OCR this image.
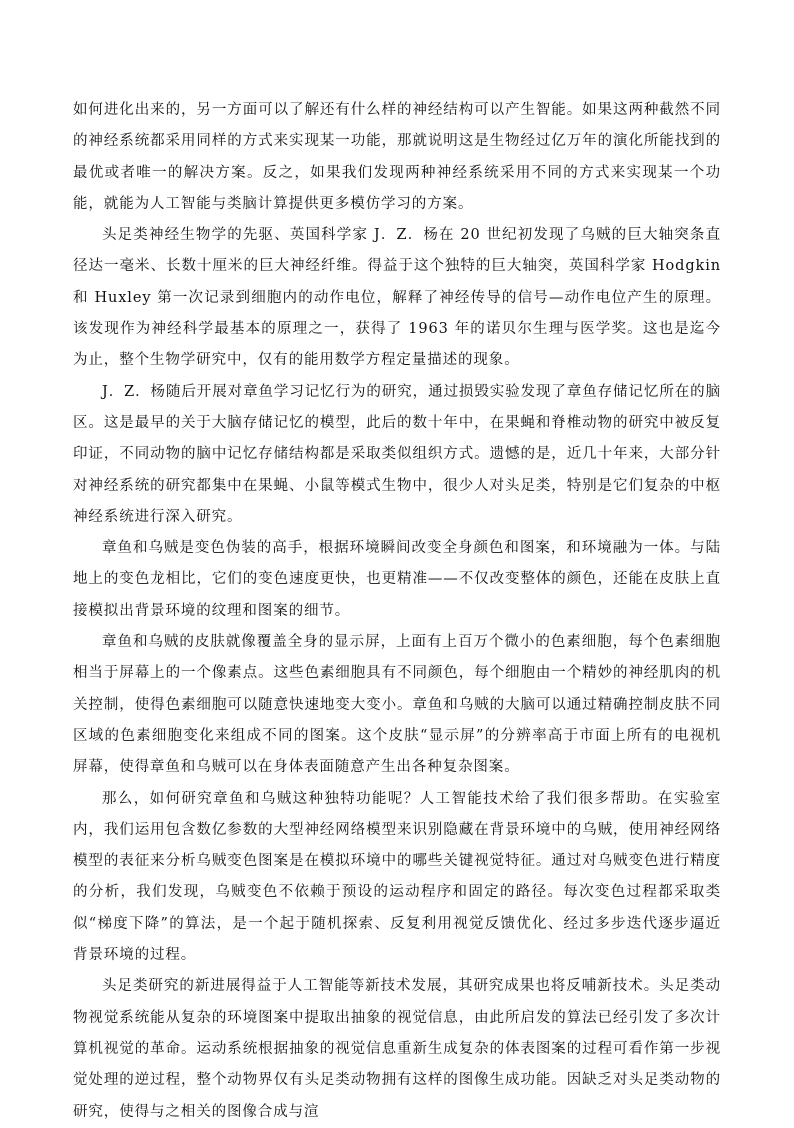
如何进化出来的，另一方面可以了解还有什么样的神经结构可以产生智能。如果这两种截然不同的神经系统都采用同样的方式来实现某一功能，那就说明这是生物经过亿万年的演化所能找到的最优或者唯一的解决方案。反之，如果我们发现两种神经系统采用不同的方式来实现某一个功能，就能为人工智能与类脑计算提供更多模仿学习的方案。

头足类神经生物学的先驱、英国科学家 J．Z．杨在 20 世纪初发现了乌贼的巨大轴突条直径达一毫米、长数十厘米的巨大神经纤维。得益于这个独特的巨大轴突，英国科学家 Hodgkin 和 Huxley 第一次记录到细胞内的动作电位，解释了神经传导的信号—动作电位产生的原理。该发现作为神经科学最基本的原理之一，获得了 1963 年的诺贝尔生理与医学奖。这也是迄今为止，整个生物学研究中，仅有的能用数学方程定量描述的现象。

J．Z．杨随后开展对章鱼学习记忆行为的研究，通过损毁实验发现了章鱼存储记忆所在的脑区。这是最早的关于大脑存储记忆的模型，此后的数十年中，在果蝇和脊椎动物的研究中被反复印证，不同动物的脑中记忆存储结构都是采取类似组织方式。遗憾的是，近几十年来，大部分针对神经系统的研究都集中在果蝇、小鼠等模式生物中，很少人对头足类，特别是它们复杂的中枢神经系统进行深入研究。

章鱼和乌贼是变色伪装的高手，根据环境瞬间改变全身颜色和图案，和环境融为一体。与陆地上的变色龙相比，它们的变色速度更快，也更精准——不仅改变整体的颜色，还能在皮肤上直接模拟出背景环境的纹理和图案的细节。

章鱼和乌贼的皮肤就像覆盖全身的显示屏，上面有上百万个微小的色素细胞，每个色素细胞相当于屏幕上的一个像素点。这些色素细胞具有不同颜色，每个细胞由一个精妙的神经肌肉的机关控制，使得色素细胞可以随意快速地变大变小。章鱼和乌贼的大脑可以通过精确控制皮肤不同区域的色素细胞变化来组成不同的图案。这个皮肤“显示屏”的分辨率高于市面上所有的电视机屏幕，使得章鱼和乌贼可以在身体表面随意产生出各种复杂图案。

那么，如何研究章鱼和乌贼这种独特功能呢？人工智能技术给了我们很多帮助。在实验室内，我们运用包含数亿参数的大型神经网络模型来识别隐藏在背景环境中的乌贼，使用神经网络模型的表征来分析乌贼变色图案是在模拟环境中的哪些关键视觉特征。通过对乌贼变色进行精度的分析，我们发现，乌贼变色不依赖于预设的运动程序和固定的路径。每次变色过程都采取类似“梯度下降”的算法，是一个起于随机探索、反复利用视觉反馈优化、经过多步迭代逐步逼近背景环境的过程。

头足类研究的新进展得益于人工智能等新技术发展，其研究成果也将反哺新技术。头足类动物视觉系统能从复杂的环境图案中提取出抽象的视觉信息，由此所启发的算法已经引发了多次计算机视觉的革命。运动系统根据抽象的视觉信息重新生成复杂的体表图案的过程可看作第一步视觉处理的逆过程，整个动物界仅有头足类动物拥有这样的图像生成功能。因缺乏对头足类动物的研究，使得与之相关的图像合成与渲
